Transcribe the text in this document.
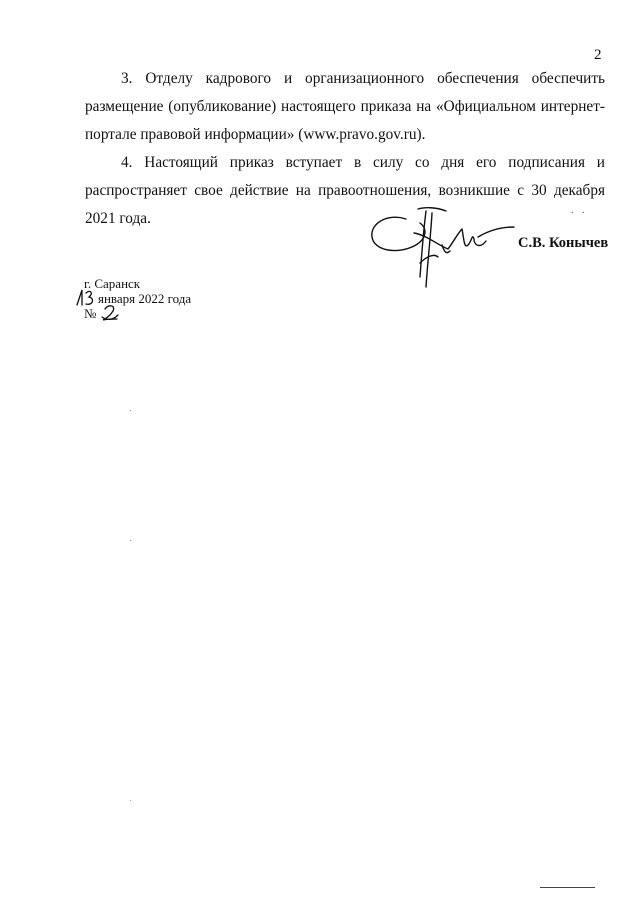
2

3. Отделу кадрового и организационного обеспечения обеспечить размещение (опубликование) настоящего приказа на «Официальном интернет-портале правовой информации» (www.pravo.gov.ru).

4. Настоящий приказ вступает в силу со дня его подписания и распространяет свое действие на правоотношения, возникшие с 30 декабря 2021 года.	. .
С.В. Конычев
г. Саранск
января 2022 года
№
